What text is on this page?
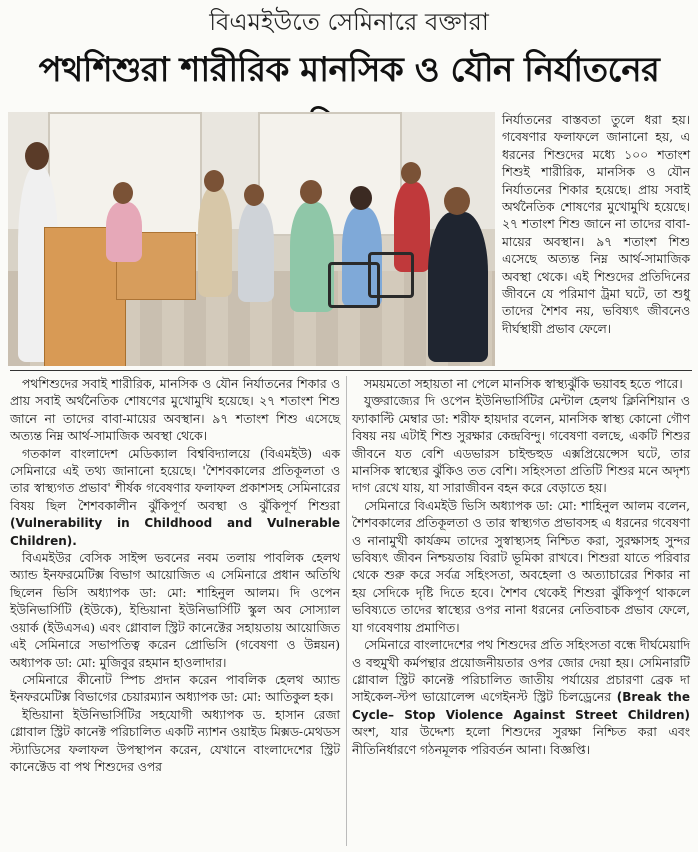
বিএমইউতে সেমিনারে বক্তারা
পথশিশুরা শারীরিক মানসিক ও যৌন নির্যাতনের

নির্যাতনের বাস্তবতা তুলে ধরা হয়। গবেষণার ফলাফলে জানানো হয়, এ ধরনের শিশুদের মধ্যে ১০০ শতাংশ শিশুই শারীরিক, মানসিক ও যৌন নির্যাতনের শিকার হয়েছে। প্রায় সবাই অর্থনৈতিক শোষণের মুখোমুখি হয়েছে। ২৭ শতাংশ শিশু জানে না তাদের বাবা-মায়ের অবস্থান। ৯৭ শতাংশ শিশু এসেছে অত্যন্ত নিম্ন আর্থ-সামাজিক অবস্থা থেকে। এই শিশুদের প্রতিদিনের জীবনে যে পরিমাণ ট্রমা ঘটে, তা শুধু তাদের শৈশব নয়, ভবিষ্যৎ জীবনেও দীর্ঘস্থায়ী প্রভাব ফেলে।

পথশিশুদের সবাই শারীরিক, মানসিক ও যৌন নির্যাতনের শিকার ও প্রায় সবাই অর্থনৈতিক শোষণের মুখোমুখি হয়েছে। ২৭ শতাংশ শিশু জানে না তাদের বাবা-মায়ের অবস্থান। ৯৭ শতাংশ শিশু এসেছে অত্যন্ত নিম্ন আর্থ-সামাজিক অবস্থা থেকে।

গতকাল বাংলাদেশ মেডিক্যাল বিশ্ববিদ্যালয়ে (বিএমইউ) এক সেমিনারে এই তথ্য জানানো হয়েছে। 'শৈশবকালের প্রতিকূলতা ও তার স্বাস্থ্যগত প্রভাব' শীর্ষক গবেষণার ফলাফল প্রকাশসহ সেমিনারের বিষয় ছিল শৈশবকালীন ঝুঁকিপূর্ণ অবস্থা ও ঝুঁকিপূর্ণ শিশুরা (Vulnerability in Childhood and Vulnerable Children).

বিএমইউর বেসিক সাইন্স ভবনের নবম তলায় পাবলিক হেলথ অ্যান্ড ইনফরমেটিক্স বিভাগ আয়োজিত এ সেমিনারে প্রধান অতিথি ছিলেন ভিসি অধ্যাপক ডা: মো: শাহিনুল আলম। দি ওপেন ইউনিভার্সিটি (ইউকে), ইন্ডিয়ানা ইউনিভার্সিটি স্কুল অব সোস্যাল ওয়ার্ক (ইউএসএ) এবং গ্লোবাল স্ট্রিট কানেক্টের সহায়তায় আয়োজিত এই সেমিনারে সভাপতিত্ব করেন প্রোভিসি (গবেষণা ও উন্নয়ন) অধ্যাপক ডা: মো: মুজিবুর রহমান হাওলাদার।

সেমিনারে কীনোট স্পিচ প্রদান করেন পাবলিক হেলথ অ্যান্ড ইনফরমেটিক্স বিভাগের চেয়ারম্যান অধ্যাপক ডা: মো: আতিকুল হক।

ইন্ডিয়ানা ইউনিভার্সিটির সহযোগী অধ্যাপক ড. হাসান রেজা গ্লোবাল স্ট্রিট কানেক্ট পরিচালিত একটি ন্যাশন ওয়াইড মিক্সড-মেথডস স্ট্যাডিসের ফলাফল উপস্থাপন করেন, যেখানে বাংলাদেশের স্ট্রিট কানেক্টেড বা পথ শিশুদের ওপর

সময়মতো সহায়তা না পেলে মানসিক স্বাস্থ্যঝুঁকি ভয়াবহ হতে পারে।

যুক্তরাজ্যের দি ওপেন ইউনিভার্সিটির মেন্টাল হেলথ ক্লিনিশিয়ান ও ফ্যাকাল্টি মেম্বার ডা: শরীফ হায়দার বলেন, মানসিক স্বাস্থ্য কোনো গৌণ বিষয় নয় এটাই শিশু সুরক্ষার কেন্দ্রবিন্দু। গবেষণা বলছে, একটি শিশুর জীবনে যত বেশি এডভারস চাইল্ডহুড এক্সপ্রিয়েন্সেস ঘটে, তার মানসিক স্বাস্থ্যের ঝুঁকিও তত বেশি। সহিংসতা প্রতিটি শিশুর মনে অদৃশ্য দাগ রেখে যায়, যা সারাজীবন বহন করে বেড়াতে হয়।

সেমিনারে বিএমইউ ভিসি অধ্যাপক ডা: মো: শাহিনুল আলম বলেন, শৈশবকালের প্রতিকূলতা ও তার স্বাস্থ্যগত প্রভাবসহ এ ধরনের গবেষণা ও নানামুখী কার্যক্রম তাদের সুস্বাস্থ্যসহ নিশ্চিত করা, সুরক্ষাসহ সুন্দর ভবিষ্যৎ জীবন নিশ্চয়তায় বিরাট ভূমিকা রাখবে। শিশুরা যাতে পরিবার থেকে শুরু করে সর্বত্র সহিংসতা, অবহেলা ও অত্যাচারের শিকার না হয় সেদিকে দৃষ্টি দিতে হবে। শৈশব থেকেই শিশুরা ঝুঁকিপূর্ণ থাকলে ভবিষ্যতে তাদের স্বাস্থ্যের ওপর নানা ধরনের নেতিবাচক প্রভাব ফেলে, যা গবেষণায় প্রমাণিত।

সেমিনারে বাংলাদেশের পথ শিশুদের প্রতি সহিংসতা বন্ধে দীর্ঘমেয়াদি ও বহুমুখী কর্মপন্থার প্রয়োজনীয়তার ওপর জোর দেয়া হয়। সেমিনারটি গ্লোবাল স্ট্রিট কানেক্ট পরিচালিত জাতীয় পর্যায়ের প্রচারণা ব্রেক দা সাইকেল-স্টপ ভায়োলেন্স এগেইনস্ট স্ট্রিট চিলড্রেনের (Break the Cycle– Stop Violence Against Street Children) অংশ, যার উদ্দেশ্য হলো শিশুদের সুরক্ষা নিশ্চিত করা এবং নীতিনির্ধারণে গঠনমূলক পরিবর্তন আনা। বিজ্ঞপ্তি।
